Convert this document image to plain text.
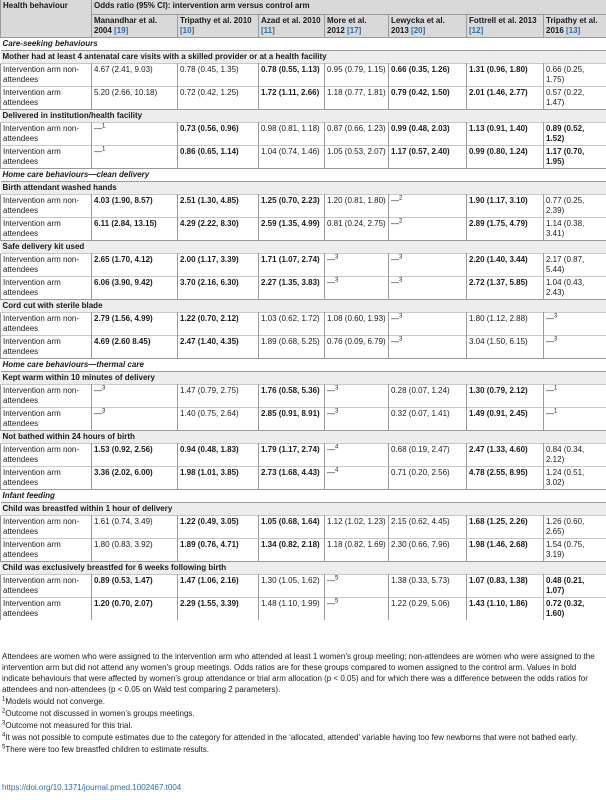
Health behaviour	Odds ratio (95% CI): intervention arm versus control arm						
	Manandhar et al. 2004 [19]	Tripathy et al. 2010 [10]	Azad et al. 2010 [11]	More et al. 2012 [17]	Lewycka et al. 2013 [20]	Fottrell et al. 2013 [12]	Tripathy et al. 2016 [13]
Care-seeking behaviours							
Mother had at least 4 antenatal care visits with a skilled provider or at a health facility							
Intervention arm non-attendees	4.67 (2.41, 9.03)	0.78 (0.45, 1.35)	0.78 (0.55, 1.13)	0.95 (0.79, 1.15)	0.66 (0.35, 1.26)	1.31 (0.96, 1.80)	0.66 (0.25, 1.75)
Intervention arm attendees	5.20 (2.66, 10.18)	0.72 (0.42, 1.25)	1.72 (1.11, 2.66)	1.18 (0.77, 1.81)	0.79 (0.42, 1.50)	2.01 (1.46, 2.77)	0.57 (0.22, 1.47)
Delivered in institution/health facility							
Intervention arm non-attendees	—$^1$	0.73 (0.56, 0.96)	0.98 (0.81, 1.18)	0.87 (0.66, 1.23)	0.99 (0.48, 2.03)	1.13 (0.91, 1.40)	0.89 (0.52, 1.52)
Intervention arm attendees	—$^1$	0.86 (0.65, 1.14)	1.04 (0.74, 1.46)	1.05 (0.53, 2.07)	1.17 (0.57, 2.40)	0.99 (0.80, 1.24)	1.17 (0.70, 1.95)
Home care behaviours—clean delivery							
Birth attendant washed hands							
Intervention arm non-attendees	4.03 (1.90, 8.57)	2.51 (1.30, 4.85)	1.25 (0.70, 2.23)	1.20 (0.81, 1.80)	—$^2$	1.90 (1.17, 3.10)	0.77 (0.25, 2.39)
Intervention arm attendees	6.11 (2.84, 13.15)	4.29 (2.22, 8.30)	2.59 (1.35, 4.99)	0.81 (0.24, 2.75)	—$^2$	2.89 (1.75, 4.79)	1.14 (0.38, 3.41)
Safe delivery kit used							
Intervention arm non-attendees	2.65 (1.70, 4.12)	2.00 (1.17, 3.39)	1.71 (1.07, 2.74)	—$^3$	—$^3$	2.20 (1.40, 3.44)	2.17 (0.87, 5.44)
Intervention arm attendees	6.06 (3.90, 9.42)	3.70 (2.16, 6.30)	2.27 (1.35, 3.83)	—$^3$	—$^3$	2.72 (1.37, 5.85)	1.04 (0.43, 2.43)
Cord cut with sterile blade							
Intervention arm non-attendees	2.79 (1.56, 4.99)	1.22 (0.70, 2.12)	1.03 (0.62, 1.72)	1.08 (0.60, 1.93)	—$^3$	1.80 (1.12, 2.88)	—$^3$
Intervention arm attendees	4.69 (2.60 8.45)	2.47 (1.40, 4.35)	1.89 (0.68, 5.25)	0.76 (0.09, 6.79)	—$^3$	3.04 (1.50, 6.15)	—$^3$
Home care behaviours—thermal care							
Kept warm within 10 minutes of delivery							
Intervention arm non-attendees	—$^3$	1.47 (0.79, 2.75)	1.76 (0.58, 5.36)	—$^3$	0.28 (0.07, 1.24)	1.30 (0.79, 2.12)	—$^1$
Intervention arm attendees	—$^3$	1.40 (0.75, 2.64)	2.85 (0.91, 8.91)	—$^3$	0.32 (0.07, 1.41)	1.49 (0.91, 2.45)	—$^1$
Not bathed within 24 hours of birth							
Intervention arm non-attendees	1.53 (0.92, 2.56)	0.94 (0.48, 1.83)	1.79 (1.17, 2.74)	—$^4$	0.68 (0.19, 2.47)	2.47 (1.33, 4.60)	0.84 (0.34, 2.12)
Intervention arm attendees	3.36 (2.02, 6.00)	1.98 (1.01, 3.85)	2.73 (1.68, 4.43)	—$^4$	0.71 (0.20, 2.56)	4.78 (2.55, 8.95)	1.24 (0.51, 3.02)
Infant feeding							
Child was breastfed within 1 hour of delivery							
Intervention arm non-attendees	1.61 (0.74, 3.49)	1.22 (0.49, 3.05)	1.05 (0.68, 1.64)	1.12 (1.02, 1.23)	2.15 (0.62, 4.45)	1.68 (1.25, 2.26)	1.26 (0.60, 2.65)
Intervention arm attendees	1.80 (0.83, 3.92)	1.89 (0.76, 4.71)	1.34 (0.82, 2.18)	1.18 (0.82, 1.69)	2.30 (0.66, 7.96)	1.98 (1.46, 2.68)	1.54 (0.75, 3.19)
Child was exclusively breastfed for 6 weeks following birth							
Intervention arm non-attendees	0.89 (0.53, 1.47)	1.47 (1.06, 2.16)	1.30 (1.05, 1.62)	—$^5$	1.38 (0.33, 5.73)	1.07 (0.83, 1.38)	0.48 (0.21, 1.07)
Intervention arm attendees	1.20 (0.70, 2.07)	2.29 (1.55, 3.39)	1.48 (1.10, 1.99)	—$^5$	1.22 (0.29, 5.06)	1.43 (1.10, 1.86)	0.72 (0.32, 1.60)

Attendees are women who were assigned to the intervention arm who attended at least 1 women’s group meeting; non-attendees are women who were assigned to the intervention arm but did not attend any women’s group meetings. Odds ratios are for these groups compared to women assigned to the control arm. Values in bold indicate behaviours that were affected by women’s group attendance or trial arm allocation (p < 0.05) and for which there was a difference between the odds ratios for attendees and non-attendees (p < 0.05 on Wald test comparing 2 parameters).

$^1$Models would not converge.

$^2$Outcome not discussed in women’s groups meetings.

$^3$Outcome not measured for this trial.

$^4$It was not possible to compute estimates due to the category for attended in the ‘allocated, attended’ variable having too few newborns that were not bathed early.

$^5$There were too few breastfed children to estimate results.

https://doi.org/10.1371/journal.pmed.1002467.t004
